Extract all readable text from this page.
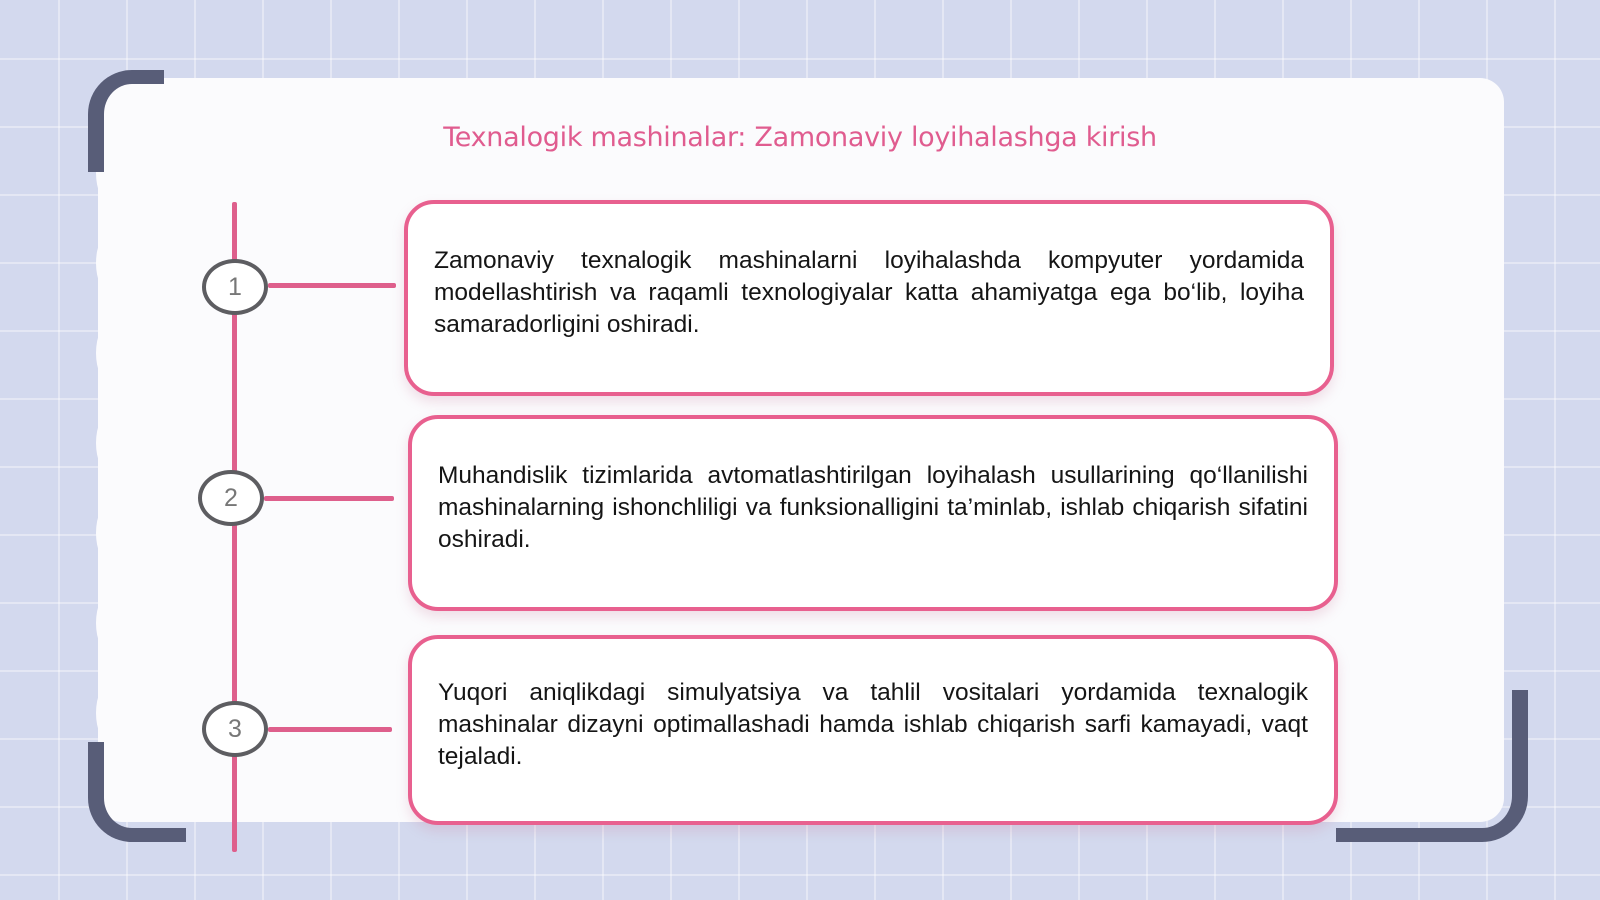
Texnalogik mashinalar: Zamonaviy loyihalashga kirish
1
Zamonaviy texnalogik mashinalarni loyihalashda kompyuter yordamida modellashtirish va raqamli texnologiyalar katta ahamiyatga ega bo‘lib, loyiha samaradorligini oshiradi.
2
Muhandislik tizimlarida avtomatlashtirilgan loyihalash usullarining qo‘llanilishi mashinalarning ishonchliligi va funksionalligini ta’minlab, ishlab chiqarish sifatini oshiradi.
3
Yuqori aniqlikdagi simulyatsiya va tahlil vositalari yordamida texnalogik mashinalar dizayni optimallashadi hamda ishlab chiqarish sarfi kamayadi, vaqt tejaladi.
